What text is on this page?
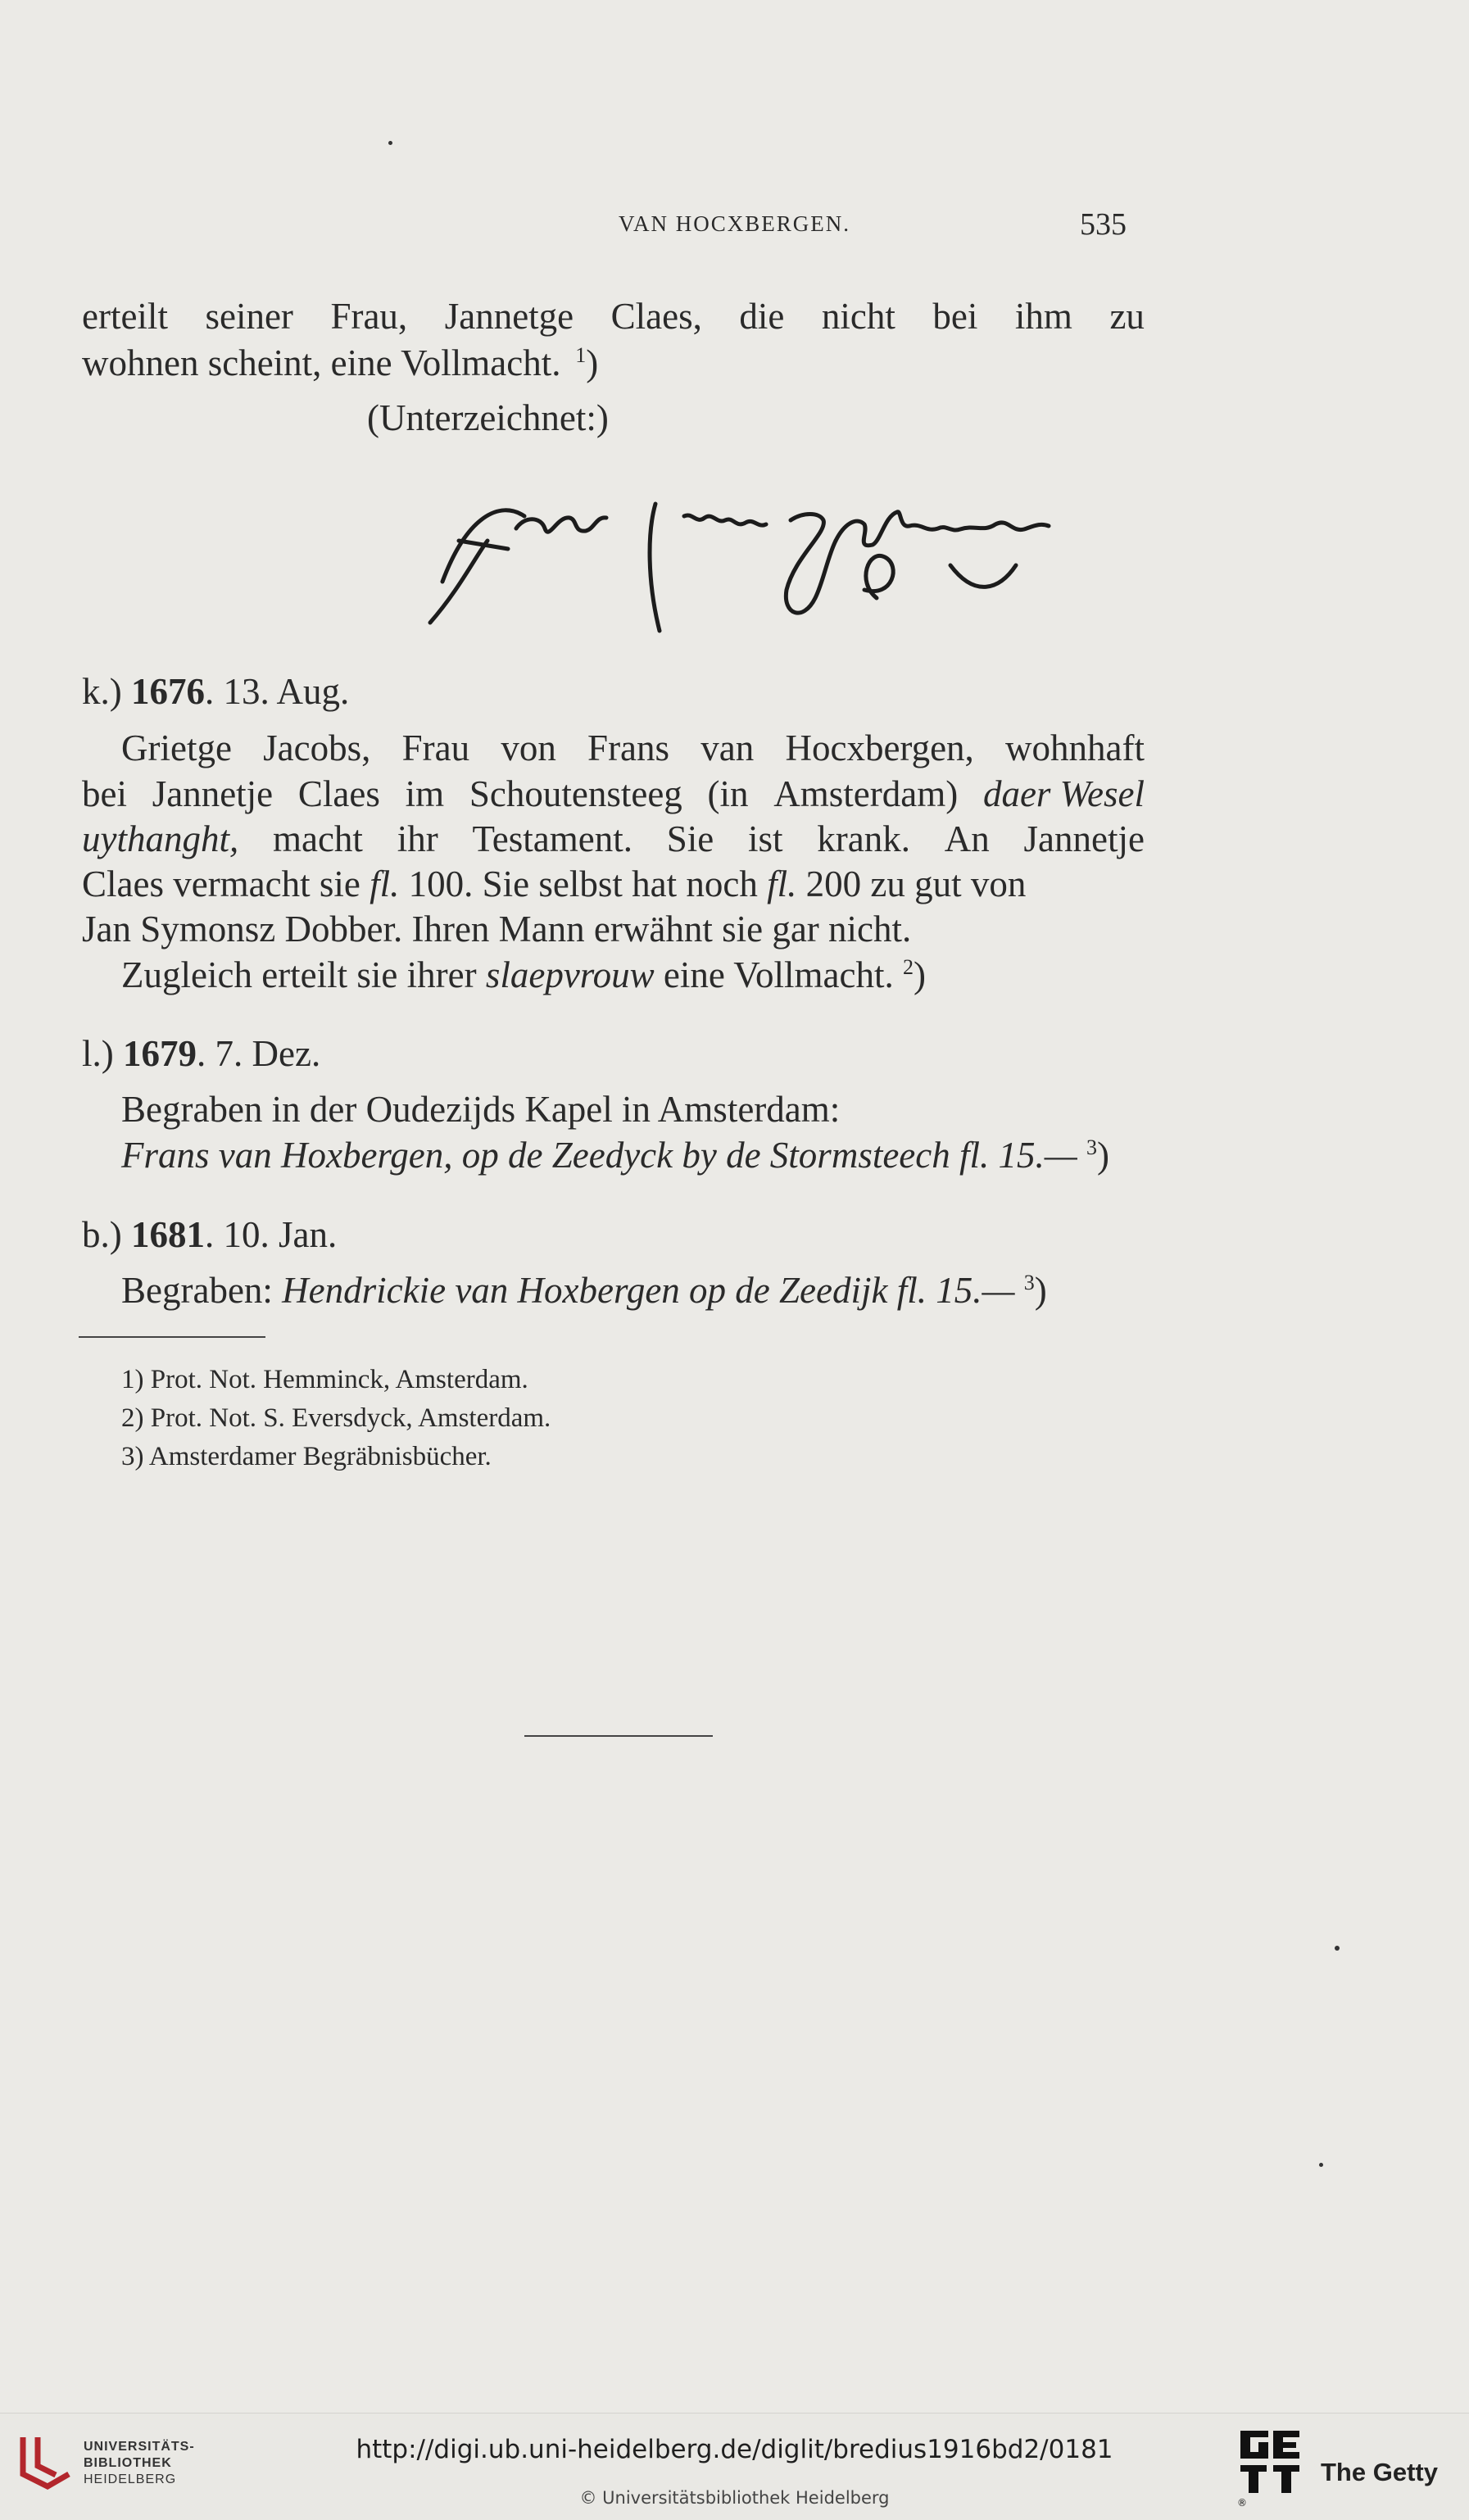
VAN HOCXBERGEN.	535
erteilt seiner Frau, Jannetge Claes, die nicht bei ihm zu
wohnen scheint, eine Vollmacht. $^1$)
(Unterzeichnet:)
k.) 1676. 13. Aug.
Grietge Jacobs, Frau von Frans van Hocxbergen, wohnhaft
bei Jannetje Claes im Schoutensteeg (in Amsterdam) daer Wesel
uythanght, macht ihr Testament. Sie ist krank. An Jannetje
Claes vermacht sie fl. 100. Sie selbst hat noch fl. 200 zu gut von
Jan Symonsz Dobber. Ihren Mann erwähnt sie gar nicht.
Zugleich erteilt sie ihrer slaepvrouw eine Vollmacht. $^2$)
l.) 1679. 7. Dez.
Begraben in der Oudezijds Kapel in Amsterdam:
Frans van Hoxbergen, op de Zeedyck by de Stormsteech fl. 15.— $^3$)
b.) 1681. 10. Jan.
Begraben: Hendrickie van Hoxbergen op de Zeedijk fl. 15.— $^3$)
1) Prot. Not. Hemminck, Amsterdam.
2) Prot. Not. S. Eversdyck, Amsterdam.
3) Amsterdamer Begräbnisbücher.
UNIVERSITÄTS-
BIBLIOTHEK
HEIDELBERG
http://digi.ub.uni-heidelberg.de/diglit/bredius1916bd2/0181
© Universitätsbibliothek Heidelberg	®
The Getty
